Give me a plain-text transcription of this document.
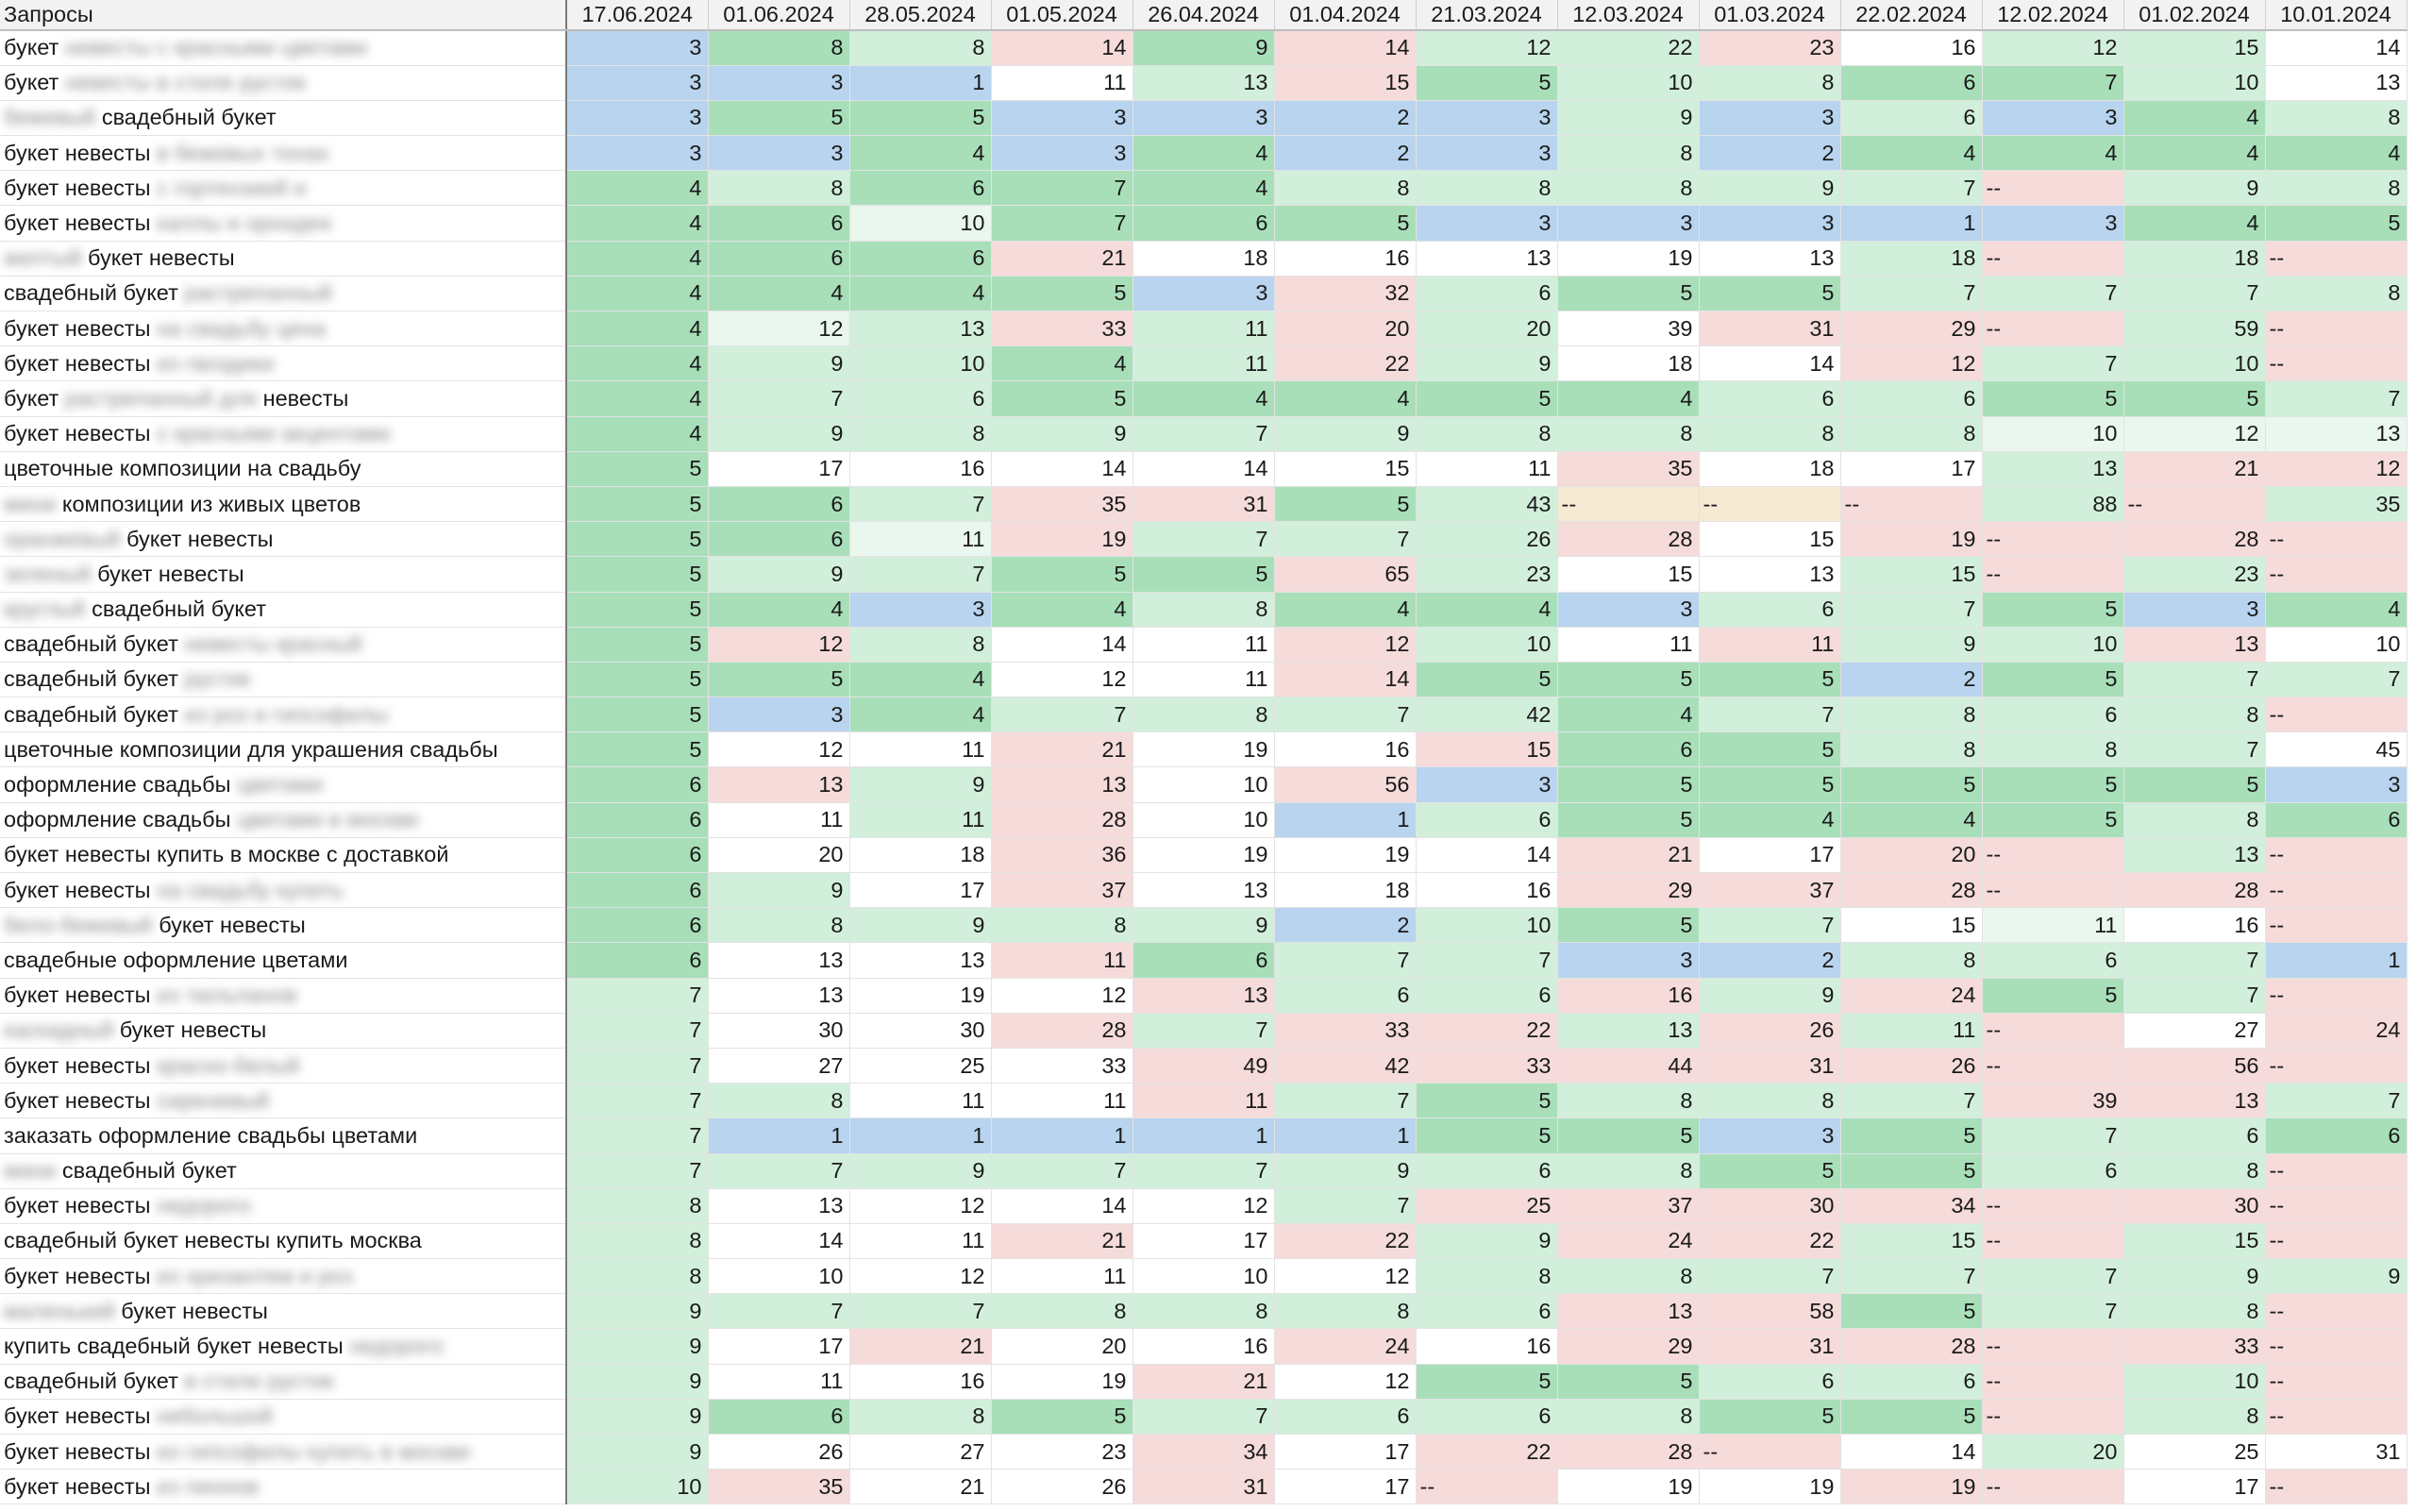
Запросы	17.06.2024	01.06.2024	28.05.2024	01.05.2024	26.04.2024	01.04.2024	21.03.2024	12.03.2024	01.03.2024	22.02.2024	12.02.2024	01.02.2024	10.01.2024
букет невесты с красными цветами	3	8	8	14	9	14	12	22	23	16	12	15	14
букет невесты в стиле рустик	3	3	1	11	13	15	5	10	8	6	7	10	13
бежевый свадебный букет	3	5	5	3	3	2	3	9	3	6	3	4	8
букет невесты в бежевых тонах	3	3	4	3	4	2	3	8	2	4	4	4	4
букет невесты с гортензией и	4	8	6	7	4	8	8	8	9	7	--	9	8
букет невесты каллы и орхидеи	4	6	10	7	6	5	3	3	3	1	3	4	5
желтый букет невесты	4	6	6	21	18	16	13	19	13	18	--	18	--
свадебный букет растрепанный	4	4	4	5	3	32	6	5	5	7	7	7	8
букет невесты на свадьбу цена	4	12	13	33	11	20	20	39	31	29	--	59	--
букет невесты из гвоздики	4	9	10	4	11	22	9	18	14	12	7	10	--
букет растрепанный для невесты	4	7	6	5	4	4	5	4	6	6	5	5	7
букет невесты с красными акцентами	4	9	8	9	7	9	8	8	8	8	10	12	13
цветочные композиции на свадьбу	5	17	16	14	14	15	11	35	18	17	13	21	12
мини композиции из живых цветов	5	6	7	35	31	5	43	--	--	--	88	--	35
оранжевый букет невесты	5	6	11	19	7	7	26	28	15	19	--	28	--
зеленый букет невесты	5	9	7	5	5	65	23	15	13	15	--	23	--
круглый свадебный букет	5	4	3	4	8	4	4	3	6	7	5	3	4
свадебный букет невесты красный	5	12	8	14	11	12	10	11	11	9	10	13	10
свадебный букет рустик	5	5	4	12	11	14	5	5	5	2	5	7	7
свадебный букет из роз и гипсофилы	5	3	4	7	8	7	42	4	7	8	6	8	--
цветочные композиции для украшения свадьбы	5	12	11	21	19	16	15	6	5	8	8	7	45
оформление свадьбы цветами	6	13	9	13	10	56	3	5	5	5	5	5	3
оформление свадьбы цветами в москве	6	11	11	28	10	1	6	5	4	4	5	8	6
букет невесты купить в москве с доставкой	6	20	18	36	19	19	14	21	17	20	--	13	--
букет невесты на свадьбу купить	6	9	17	37	13	18	16	29	37	28	--	28	--
бело-бежевый букет невесты	6	8	9	8	9	2	10	5	7	15	11	16	--
свадебные оформление цветами	6	13	13	11	6	7	7	3	2	8	6	7	1
букет невесты из тюльпанов	7	13	19	12	13	6	6	16	9	24	5	7	--
каскадный букет невесты	7	30	30	28	7	33	22	13	26	11	--	27	24
букет невесты красно-белый	7	27	25	33	49	42	33	44	31	26	--	56	--
букет невесты сиреневый	7	8	11	11	11	7	5	8	8	7	39	13	7
заказать оформление свадьбы цветами	7	1	1	1	1	1	5	5	3	5	7	6	6
мини свадебный букет	7	7	9	7	7	9	6	8	5	5	6	8	--
букет невесты недорого	8	13	12	14	12	7	25	37	30	34	--	30	--
свадебный букет невесты купить москва	8	14	11	21	17	22	9	24	22	15	--	15	--
букет невесты из хризантем и роз	8	10	12	11	10	12	8	8	7	7	7	9	9
маленький букет невесты	9	7	7	8	8	8	6	13	58	5	7	8	--
купить свадебный букет невесты недорого	9	17	21	20	16	24	16	29	31	28	--	33	--
свадебный букет в стиле рустик	9	11	16	19	21	12	5	5	6	6	--	10	--
букет невесты небольшой	9	6	8	5	7	6	6	8	5	5	--	8	--
букет невесты из гипсофилы купить в москве	9	26	27	23	34	17	22	28	--	14	20	25	31
букет невесты из пионов	10	35	21	26	31	17	--	19	19	19	--	17	--
